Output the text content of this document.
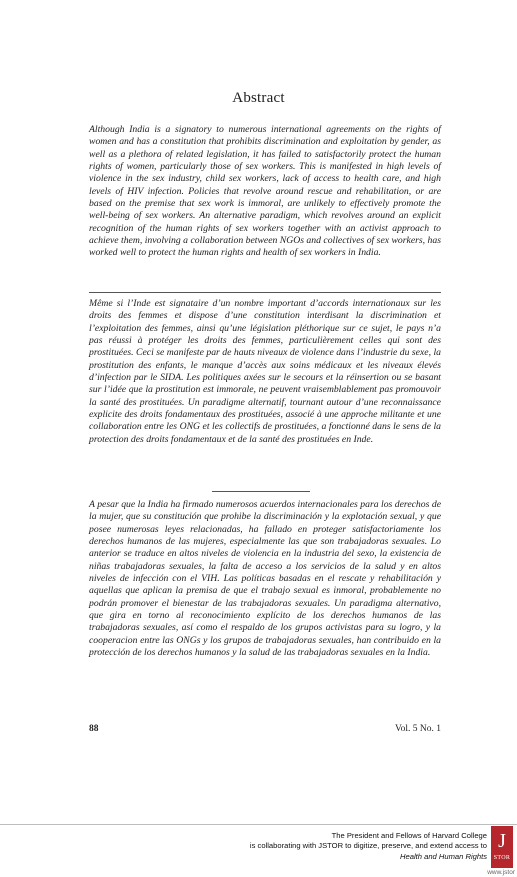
Abstract

Although India is a signatory to numerous international agreements on the rights of women and has a constitution that prohibits discrimination and exploitation by gender, as well as a plethora of related legislation, it has failed to satisfactorily protect the human rights of women, particularly those of sex workers. This is manifested in high levels of violence in the sex industry, child sex workers, lack of access to health care, and high levels of HIV infection. Policies that revolve around rescue and rehabilitation, or are based on the premise that sex work is immoral, are unlikely to effectively promote the well-being of sex workers. An alternative paradigm, which revolves around an explicit recognition of the human rights of sex workers together with an activist approach to achieve them, involving a collaboration between NGOs and collectives of sex workers, has worked well to protect the human rights and health of sex workers in India.

Même si l’Inde est signataire d’un nombre important d’accords internationaux sur les droits des femmes et dispose d’une constitution interdisant la discrimination et l’exploitation des femmes, ainsi qu’une législation pléthorique sur ce sujet, le pays n’a pas réussi à protéger les droits des femmes, particulièrement celles qui sont des prostituées. Ceci se manifeste par de hauts niveaux de violence dans l’industrie du sexe, la prostitution des enfants, le manque d’accès aux soins médicaux et les niveaux élevés d’infection par le SIDA. Les politiques axées sur le secours et la réinsertion ou se basant sur l’idée que la prostitution est immorale, ne peuvent vraisemblablement pas promouvoir la santé des prostituées. Un paradigme alternatif, tournant autour d’une reconnaissance explicite des droits fondamentaux des prostituées, associé à une approche militante et une collaboration entre les ONG et les collectifs de prostituées, a fonctionné dans le sens de la protection des droits fondamentaux et de la santé des prostituées en Inde.

A pesar que la India ha firmado numerosos acuerdos internacionales para los derechos de la mujer, que su constitución que prohibe la discriminación y la explotación sexual, y que posee numerosas leyes relacionadas, ha fallado en proteger satisfactoriamente los derechos humanos de las mujeres, especialmente las que son trabajadoras sexuales. Lo anterior se traduce en altos niveles de violencia en la industria del sexo, la existencia de niñas trabajadoras sexuales, la falta de acceso a los servicios de la salud y en altos niveles de infección con el VIH. Las políticas basadas en el rescate y rehabilitación y aquellas que aplican la premisa de que el trabajo sexual es inmoral, probablemente no podrán promover el bienestar de las trabajadoras sexuales. Un paradigma alternativo, que gira en torno al reconocimiento explícito de los derechos humanos de las trabajadoras sexuales, así como el respaldo de los grupos activistas para su logro, y la cooperacion entre las ONGs y los grupos de trabajadoras sexuales, han contribuido en la protección de los derechos humanos y la salud de las trabajadoras sexuales en la India.

88	Vol. 5 No. 1
The President and Fellows of Harvard College
is collaborating with JSTOR to digitize, preserve, and extend access to
Health and Human Rights
J
STOR
www.jstor
